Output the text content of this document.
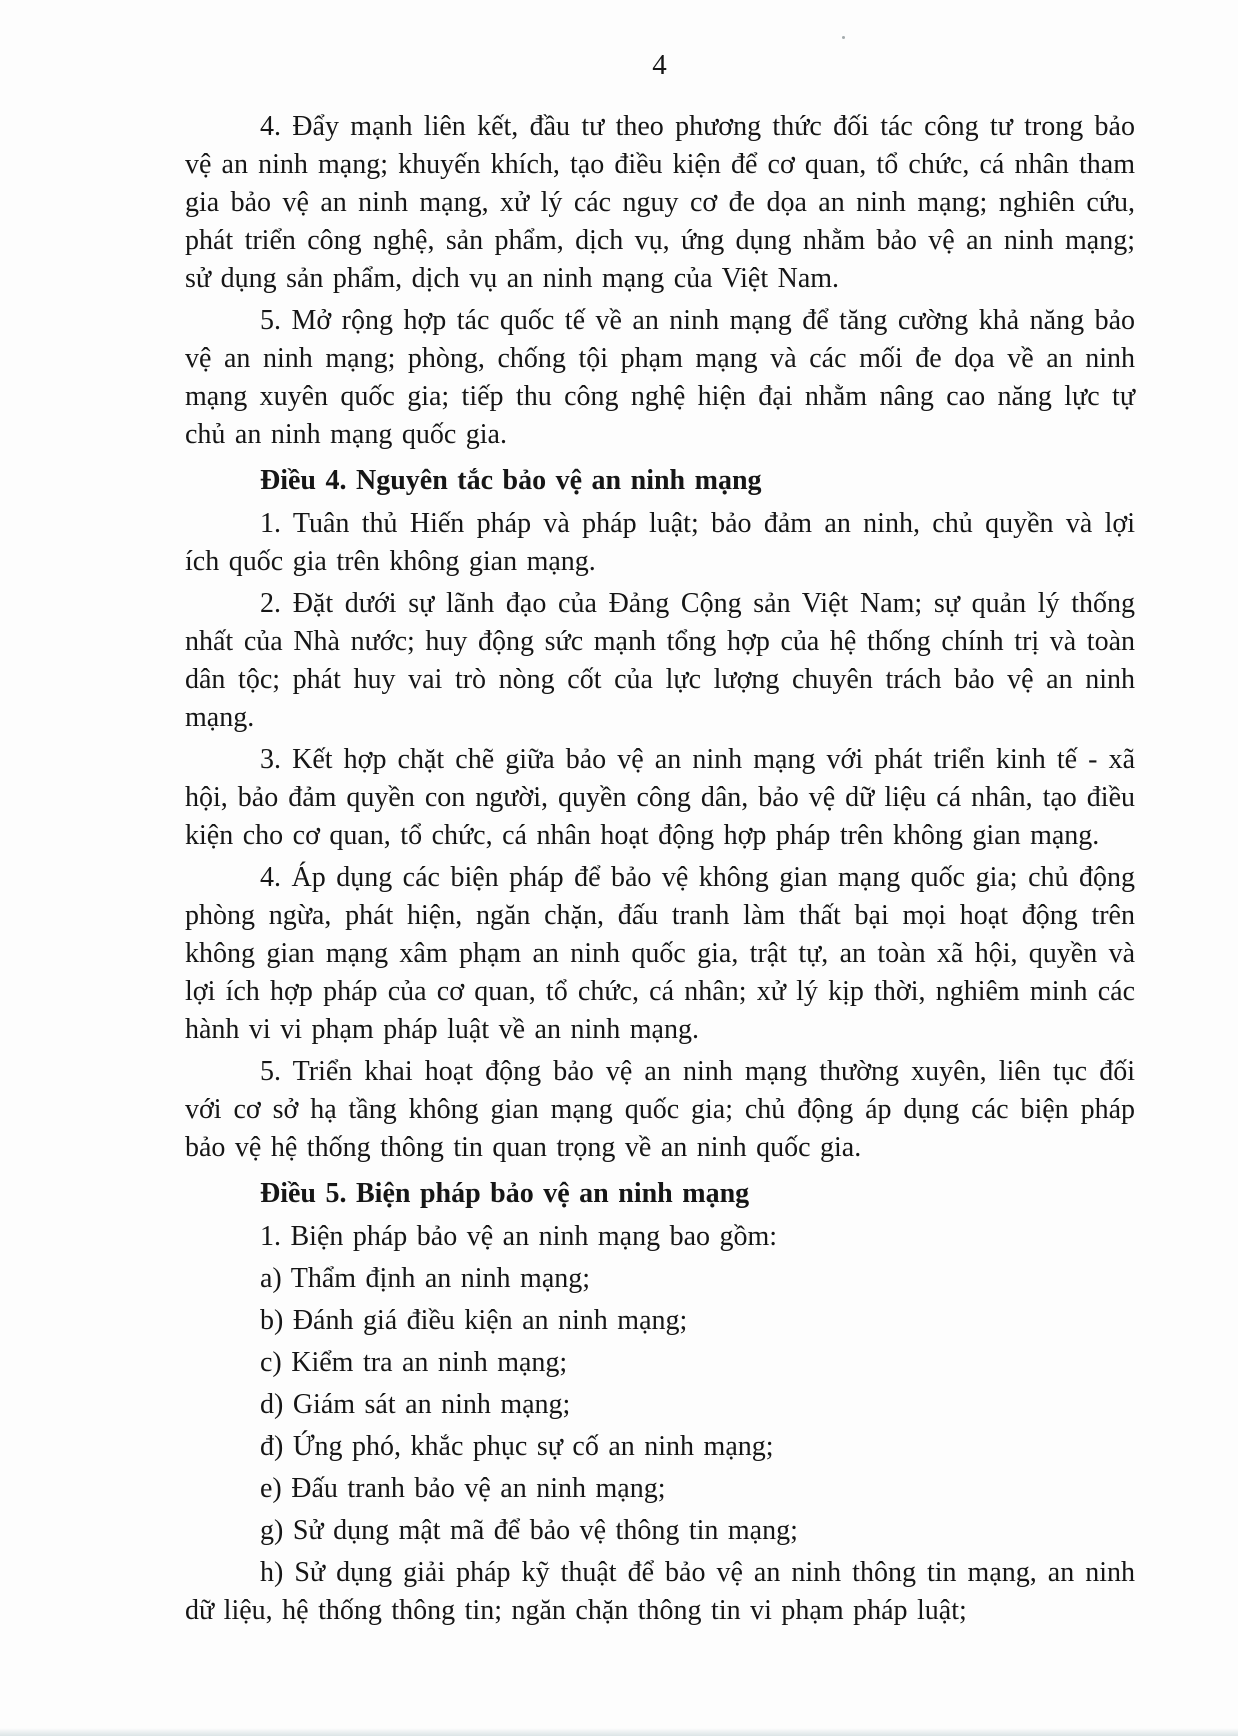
4

4. Đẩy mạnh liên kết, đầu tư theo phương thức đối tác công tư trong bảo vệ an ninh mạng; khuyến khích, tạo điều kiện để cơ quan, tổ chức, cá nhân tham gia bảo vệ an ninh mạng, xử lý các nguy cơ đe dọa an ninh mạng; nghiên cứu, phát triển công nghệ, sản phẩm, dịch vụ, ứng dụng nhằm bảo vệ an ninh mạng; sử dụng sản phẩm, dịch vụ an ninh mạng của Việt Nam.

5. Mở rộng hợp tác quốc tế về an ninh mạng để tăng cường khả năng bảo vệ an ninh mạng; phòng, chống tội phạm mạng và các mối đe dọa về an ninh mạng xuyên quốc gia; tiếp thu công nghệ hiện đại nhằm nâng cao năng lực tự chủ an ninh mạng quốc gia.

Điều 4. Nguyên tắc bảo vệ an ninh mạng

1. Tuân thủ Hiến pháp và pháp luật; bảo đảm an ninh, chủ quyền và lợi ích quốc gia trên không gian mạng.

2. Đặt dưới sự lãnh đạo của Đảng Cộng sản Việt Nam; sự quản lý thống nhất của Nhà nước; huy động sức mạnh tổng hợp của hệ thống chính trị và toàn dân tộc; phát huy vai trò nòng cốt của lực lượng chuyên trách bảo vệ an ninh mạng.

3. Kết hợp chặt chẽ giữa bảo vệ an ninh mạng với phát triển kinh tế - xã hội, bảo đảm quyền con người, quyền công dân, bảo vệ dữ liệu cá nhân, tạo điều kiện cho cơ quan, tổ chức, cá nhân hoạt động hợp pháp trên không gian mạng.

4. Áp dụng các biện pháp để bảo vệ không gian mạng quốc gia; chủ động phòng ngừa, phát hiện, ngăn chặn, đấu tranh làm thất bại mọi hoạt động trên không gian mạng xâm phạm an ninh quốc gia, trật tự, an toàn xã hội, quyền và lợi ích hợp pháp của cơ quan, tổ chức, cá nhân; xử lý kịp thời, nghiêm minh các hành vi vi phạm pháp luật về an ninh mạng.

5. Triển khai hoạt động bảo vệ an ninh mạng thường xuyên, liên tục đối với cơ sở hạ tầng không gian mạng quốc gia; chủ động áp dụng các biện pháp bảo vệ hệ thống thông tin quan trọng về an ninh quốc gia.

Điều 5. Biện pháp bảo vệ an ninh mạng

1. Biện pháp bảo vệ an ninh mạng bao gồm:

a) Thẩm định an ninh mạng;

b) Đánh giá điều kiện an ninh mạng;

c) Kiểm tra an ninh mạng;

d) Giám sát an ninh mạng;

đ) Ứng phó, khắc phục sự cố an ninh mạng;

e) Đấu tranh bảo vệ an ninh mạng;

g) Sử dụng mật mã để bảo vệ thông tin mạng;

h) Sử dụng giải pháp kỹ thuật để bảo vệ an ninh thông tin mạng, an ninh dữ liệu, hệ thống thông tin; ngăn chặn thông tin vi phạm pháp luật;
